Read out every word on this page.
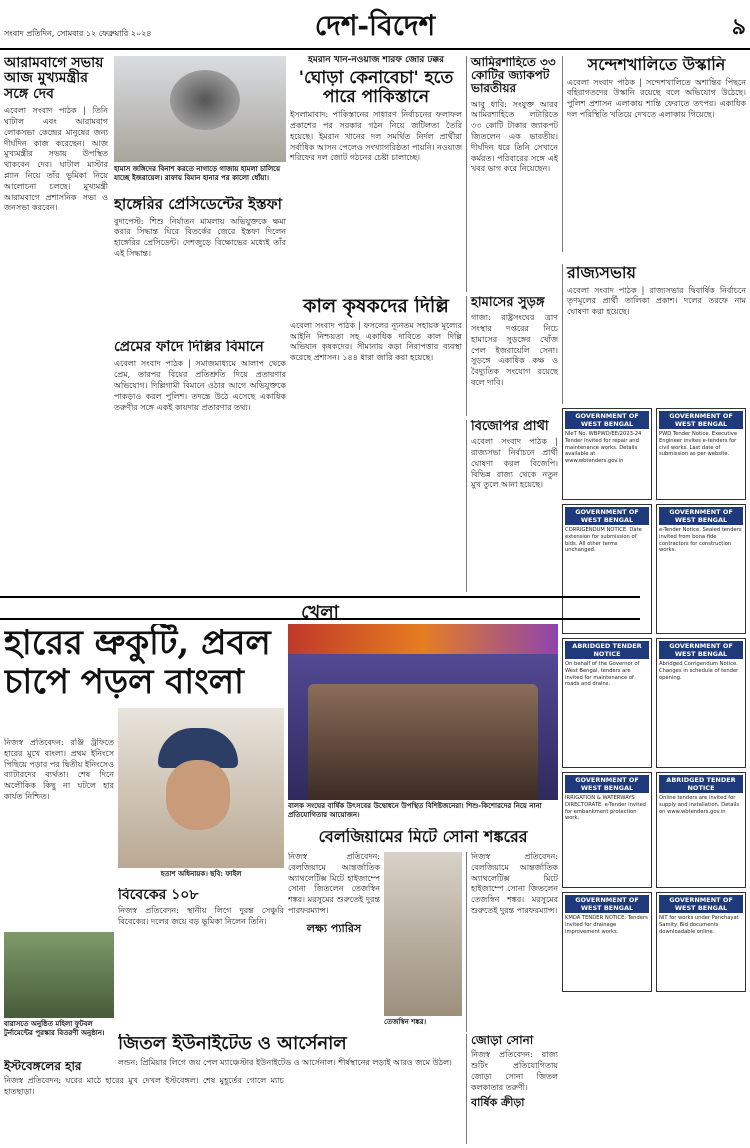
সংবাদ প্রতিদিন, সোমবার ১২ ফেব্রুয়ারি ২০২৪	দেশ-বিদেশ	৯
আরামবাগে সভায় আজ মুখ্যমন্ত্রীর সঙ্গে দেব
এবেলা সংবাদ পাঠক | তিনি ঘাটাল এবং আরামবাগ লোকসভা কেন্দ্রের মানুষের জন্য দীর্ঘদিন কাজ করেছেন। আজ মুখ্যমন্ত্রীর সভায় উপস্থিত থাকবেন দেব। ঘাটাল মাস্টার প্ল্যান নিয়ে তাঁর ভূমিকা নিয়ে আলোচনা চলছে। মুখ্যমন্ত্রী আরামবাগে প্রশাসনিক সভা ও জনসভা করবেন।
হামাস জঙ্গিদের বিনাশ করতে নাগাড়ে গাজায় হামলা চালিয়ে যাচ্ছে ইজরায়েল। রাফায় বিমান হানার পর কালো ধোঁয়া।
হাঙ্গেরির প্রেসিডেন্টের ইস্তফা
বুদাপেস্ট: শিশু নির্যাতন মামলায় অভিযুক্তকে ক্ষমা করার সিদ্ধান্ত ঘিরে বিতর্কের জেরে ইস্তফা দিলেন হাঙ্গেরির প্রেসিডেন্ট। দেশজুড়ে বিক্ষোভের মধ্যেই তাঁর এই সিদ্ধান্ত।
ইমরান খান-নওয়াজ শরিফ জোর টক্কর
'ঘোড়া কেনাবেচা' হতে পারে পাকিস্তানে
ইসলামাবাদ: পাকিস্তানের সাধারণ নির্বাচনের ফলাফল প্রকাশের পর সরকার গঠন নিয়ে জটিলতা তৈরি হয়েছে। ইমরান খানের দল সমর্থিত নির্দল প্রার্থীরা সর্বাধিক আসন পেলেও সংখ্যাগরিষ্ঠতা পায়নি। নওয়াজ শরিফের দল জোট গঠনের চেষ্টা চালাচ্ছে।
আমিরশাহিতে ৩৩ কোটির জ্যাকপট ভারতীয়র
আবু ধাবি: সংযুক্ত আরব আমিরশাহিতে লটারিতে ৩৩ কোটি টাকার জ্যাকপট জিতলেন এক ভারতীয়। দীর্ঘদিন ধরে তিনি সেখানে কর্মরত। পরিবারের সঙ্গে এই খবর ভাগ করে নিয়েছেন।
সন্দেশখালিতে উস্কানি
এবেলা সংবাদ পাঠক | সন্দেশখালিতে অশান্তির পিছনে বহিরাগতদের উস্কানি রয়েছে বলে অভিযোগ উঠেছে। পুলিশ প্রশাসন এলাকায় শান্তি ফেরাতে তৎপর। একাধিক দল পরিস্থিতি খতিয়ে দেখতে এলাকায় গিয়েছে।
রাজ্যসভায়
এবেলা সংবাদ পাঠক | রাজ্যসভার দ্বিবার্ষিক নির্বাচনে তৃণমূলের প্রার্থী তালিকা প্রকাশ। দলের তরফে নাম ঘোষণা করা হয়েছে।
প্রেমের ফাঁদে দিল্লির বিমানে
এবেলা সংবাদ পাঠক | সমাজমাধ্যমে আলাপ থেকে প্রেম, তারপর বিয়ের প্রতিশ্রুতি দিয়ে প্রতারণার অভিযোগ। দিল্লিগামী বিমানে ওঠার আগে অভিযুক্তকে পাকড়াও করল পুলিশ। তদন্তে উঠে এসেছে একাধিক তরুণীর সঙ্গে একই কায়দায় প্রতারণার তথ্য।
কাল কৃষকদের দিল্লি
এবেলা সংবাদ পাঠক | ফসলের ন্যূনতম সহায়ক মূল্যের আইনি নিশ্চয়তা সহ একাধিক দাবিতে কাল দিল্লি অভিযান কৃষকদের। সীমানায় কড়া নিরাপত্তার ব্যবস্থা করেছে প্রশাসন। ১৪৪ ধারা জারি করা হয়েছে।
হামাসের সুড়ঙ্গ
গাজা: রাষ্ট্রসংঘের ত্রাণ সংস্থার দপ্তরের নিচে হামাসের সুড়ঙ্গের খোঁজ পেল ইজরায়েলি সেনা। সুড়ঙ্গে একাধিক কক্ষ ও বৈদ্যুতিক সংযোগ রয়েছে বলে দাবি।
বিজেপির প্রার্থী
এবেলা সংবাদ পাঠক | রাজ্যসভা নির্বাচনে প্রার্থী ঘোষণা করল বিজেপি। বিভিন্ন রাজ্য থেকে নতুন মুখ তুলে আনা হয়েছে।
GOVERNMENT OF WEST BENGAL
NIeT No. WBPWD/EE/2023-24 Tender invited for repair and maintenance works. Details available at www.wbtenders.gov.in
GOVERNMENT OF WEST BENGAL
PWD Tender Notice. Executive Engineer invites e-tenders for civil works. Last date of submission as per website.
GOVERNMENT OF WEST BENGAL
CORRIGENDUM NOTICE. Date extension for submission of bids. All other terms unchanged.
GOVERNMENT OF WEST BENGAL
e-Tender Notice. Sealed tenders invited from bona fide contractors for construction works.
ABRIDGED TENDER NOTICE
On behalf of the Governor of West Bengal, tenders are invited for maintenance of roads and drains.
GOVERNMENT OF WEST BENGAL
Abridged Corrigendum Notice. Changes in schedule of tender opening.
GOVERNMENT OF WEST BENGAL
IRRIGATION & WATERWAYS DIRECTORATE. e-Tender invited for embankment protection work.
ABRIDGED TENDER NOTICE
Online tenders are invited for supply and installation. Details on www.wbtenders.gov.in
GOVERNMENT OF WEST BENGAL
KMDA TENDER NOTICE. Tenders invited for drainage improvement works.
GOVERNMENT OF WEST BENGAL
NIT for works under Panchayat Samity. Bid documents downloadable online.
খেলা
হারের ভ্রুকুটি, প্রবল চাপে পড়ল বাংলা
নিজস্ব প্রতিবেদন: রঞ্জি ট্রফিতে হারের মুখে বাংলা। প্রথম ইনিংসে পিছিয়ে পড়ার পর দ্বিতীয় ইনিংসেও ব্যাটারদের ব্যর্থতা। শেষ দিনে অলৌকিক কিছু না ঘটলে হার কার্যত নিশ্চিত।
হতাশ অধিনায়ক। ছবি: ফাইল
বালক সংঘের বার্ষিক উৎসবের উদ্বোধনে উপস্থিত বিশিষ্টজনেরা। শিশু-কিশোরদের নিয়ে নানা প্রতিযোগিতার আয়োজন।
বেলজিয়ামের মিটে সোনা শঙ্করের
নিজস্ব প্রতিবেদন: বেলজিয়ামে আন্তর্জাতিক অ্যাথলেটিক্স মিটে হাইজাম্পে সোনা জিতলেন তেজস্বিন শঙ্কর। মরসুমের শুরুতেই দুরন্ত পারফরম্যান্স।
লক্ষ্য প্যারিস
তেজস্বিন শঙ্কর।
নিজস্ব প্রতিবেদন: বেলজিয়ামে আন্তর্জাতিক অ্যাথলেটিক্স মিটে হাইজাম্পে সোনা জিতলেন তেজস্বিন শঙ্কর। মরসুমের শুরুতেই দুরন্ত পারফরম্যান্স।
বিবেকের ১০৮
নিজস্ব প্রতিবেদন: স্থানীয় লিগে দুরন্ত সেঞ্চুরি বিবেকের। দলের জয়ে বড় ভূমিকা নিলেন তিনি।
বারাসতে অনুষ্ঠিত মহিলা ফুটবল টুর্নামেন্টের পুরস্কার বিতরণী অনুষ্ঠান।
ইস্টবেঙ্গলের হার
নিজস্ব প্রতিবেদন: ঘরের মাঠে হারের মুখ দেখল ইস্টবেঙ্গল। শেষ মুহূর্তের গোলে ম্যাচ হাতছাড়া।
জিতল ইউনাইটেড ও আর্সেনাল
লন্ডন: প্রিমিয়ার লিগে জয় পেল ম্যাঞ্চেস্টার ইউনাইটেড ও আর্সেনাল। শীর্ষস্থানের লড়াই আরও জমে উঠল।
জোড়া সোনা
নিজস্ব প্রতিবেদন: রাজ্য শুটিং প্রতিযোগিতায় জোড়া সোনা জিতল কলকাতার তরুণী।
বার্ষিক ক্রীড়া
